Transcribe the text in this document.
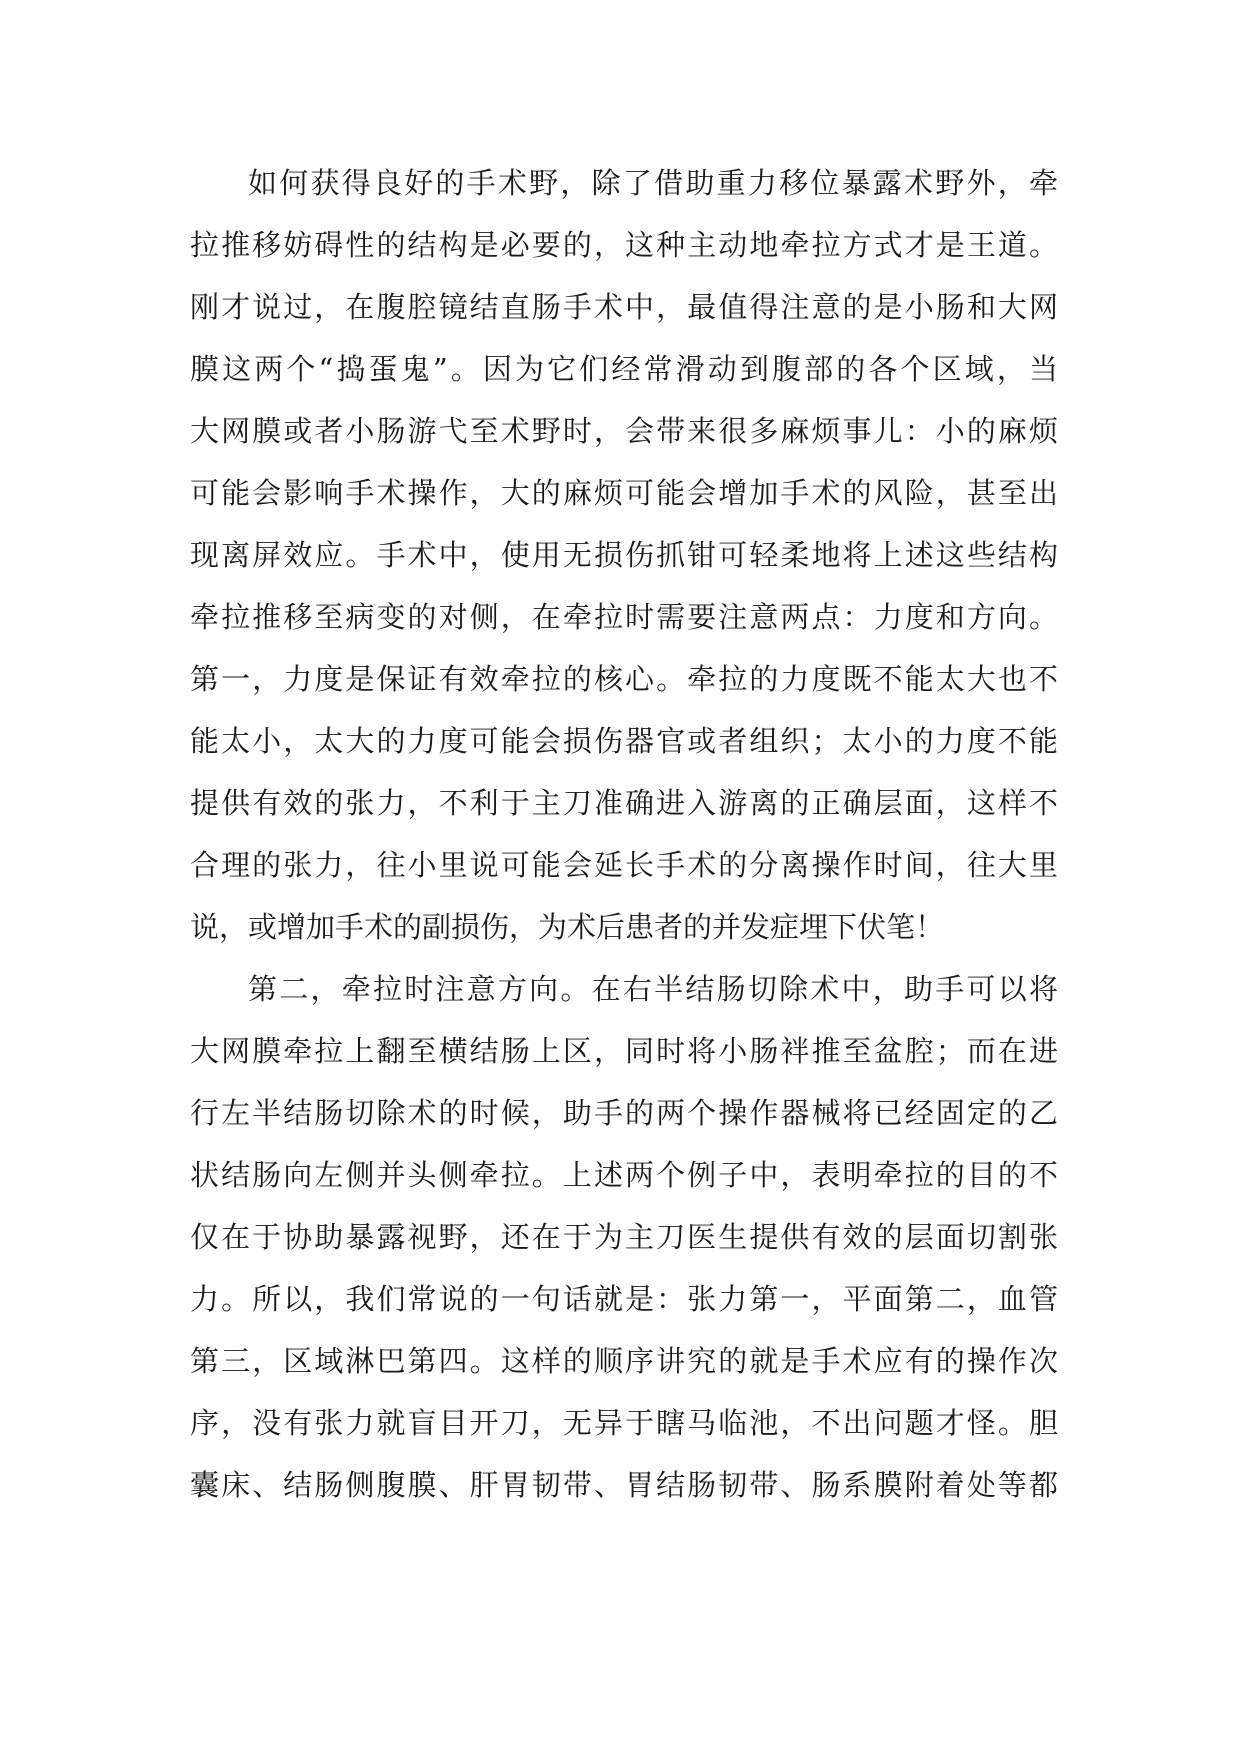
如何获得良好的手术野，除了借助重力移位暴露术野外，牵
拉推移妨碍性的结构是必要的，这种主动地牵拉方式才是王道。
刚才说过，在腹腔镜结直肠手术中，最值得注意的是小肠和大网
膜这两个“捣蛋鬼”。因为它们经常滑动到腹部的各个区域，当
大网膜或者小肠游弋至术野时，会带来很多麻烦事儿：小的麻烦
可能会影响手术操作，大的麻烦可能会增加手术的风险，甚至出
现离屏效应。手术中，使用无损伤抓钳可轻柔地将上述这些结构
牵拉推移至病变的对侧，在牵拉时需要注意两点：力度和方向。
第一，力度是保证有效牵拉的核心。牵拉的力度既不能太大也不
能太小，太大的力度可能会损伤器官或者组织；太小的力度不能
提供有效的张力，不利于主刀准确进入游离的正确层面，这样不
合理的张力，往小里说可能会延长手术的分离操作时间，往大里
说，或增加手术的副损伤，为术后患者的并发症埋下伏笔！
第二，牵拉时注意方向。在右半结肠切除术中，助手可以将
大网膜牵拉上翻至横结肠上区，同时将小肠袢推至盆腔；而在进
行左半结肠切除术的时候，助手的两个操作器械将已经固定的乙
状结肠向左侧并头侧牵拉。上述两个例子中，表明牵拉的目的不
仅在于协助暴露视野，还在于为主刀医生提供有效的层面切割张
力。所以，我们常说的一句话就是：张力第一，平面第二，血管
第三，区域淋巴第四。这样的顺序讲究的就是手术应有的操作次
序，没有张力就盲目开刀，无异于瞎马临池，不出问题才怪。胆
囊床、结肠侧腹膜、肝胃韧带、胃结肠韧带、肠系膜附着处等都
